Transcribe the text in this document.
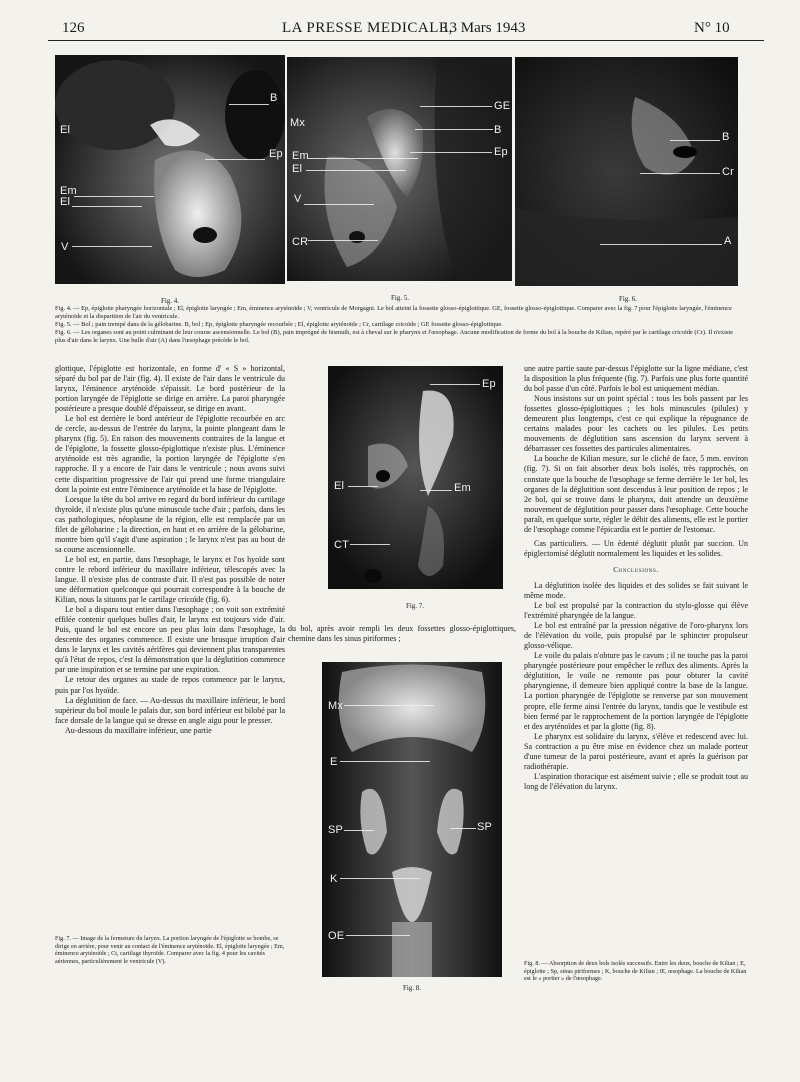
126	LA PRESSE MEDICALE,
13 Mars 1943	N° 10
B
El
Ep
Em
El
V
Fig. 4.
GE
Mx
B
Ep
Em
El
V
CR
Fig. 5.
B
Cr
A
Fig. 6.

Fig. 4. — Ep, épiglotte pharyngée horizontale ; El, épiglotte laryngée ; Em, éminence aryténoïde ; V, ventricule de Morgagni. Le bol atteint la fossette glosso-épiglottique. GE, fossette glosso-épiglottique. Comparer avec la fig. 7 pour l'épiglotte laryngée, l'éminence aryténoïde et la disparition de l'air du ventricule.

Fig. 5. — Bol ; pain trempé dans de la gélobarine. B, bol ; Ep, épiglotte pharyngée recourbée ; El, épiglotte aryténoïde ; Cr, cartilage cricoïde ; GE fossette glosso-épiglottique.

Fig. 6. — Les organes sont au point culminant de leur course ascensionnelle. Le bol (B), pain imprégné de bismuth, est à cheval sur le pharynx et l'œsophage. Aucune modification de forme du bol à la bouche de Kilian, repéré par le cartilage cricoïde (Cr). Il n'existe plus d'air dans le larynx. Une bulle d'air (A) dans l'œsophage précède le bol.

glottique, l'épiglotte est horizontale, en forme d' « S » horizontal, séparé du bol par de l'air (fig. 4). Il existe de l'air dans le ventricule du larynx, l'éminence aryténoïde s'épaissit. Le bord postérieur de la portion laryngée de l'épiglotte se dirige en arrière. La paroi pharyngée postérieure a presque doublé d'épaisseur, se dirige en avant.

Le bol est derrière le bord antérieur de l'épiglotte recourbée en arc de cercle, au-dessus de l'entrée du larynx, la pointe plongeant dans le pharynx (fig. 5). En raison des mouvements contraires de la langue et de l'épiglotte, la fossette glosso-épiglottique n'existe plus. L'éminence aryténoïde est très agrandie, la portion laryngée de l'épiglotte s'en rapproche. Il y a encore de l'air dans le ventricule ; nous avons suivi cette disparition progressive de l'air qui prend une forme triangulaire dont la pointe est entre l'éminence aryténoïde et la base de l'épiglotte.

Lorsque la tête du bol arrive en regard du bord inférieur du cartilage thyroïde, il n'existe plus qu'une minuscule tache d'air ; parfois, dans les cas pathologiques, néoplasme de la région, elle est remplacée par un filet de gélobarine ; la direction, en haut et en arrière de la gélobarine, montre bien qu'il s'agit d'une aspiration ; le larynx n'est pas au bout de sa course ascensionnelle.

Le bol est, en partie, dans l'œsophage, le larynx et l'os hyoïde sont contre le rebord inférieur du maxillaire inférieur, télescopés avec la langue. Il n'existe plus de contraste d'air. Il n'est pas possible de noter une déformation quelconque qui pourrait correspondre à la bouche de Kilian, nous la situons par le cartilage cricoïde (fig. 6).

Le bol a disparu tout entier dans l'œsophage ; on voit son extrémité effilée contenir quelques bulles d'air, le larynx est toujours vide d'air. Puis, quand le bol est encore un peu plus loin dans l'œsophage, la descente des organes commence. Il existe une brusque irruption d'air dans le larynx et les cavités aérifères qui deviennent plus transparentes qu'à l'état de repos, c'est la démonstration que la déglutition commence par une inspiration et se termine par une expiration.

Le retour des organes au stade de repos commence par le larynx, puis par l'os hyoïde.

La déglutition de face. — Au-dessus du maxillaire inférieur, le bord supérieur du bol moule le palais dur, son bord inférieur est bilobé par la face dorsale de la langue qui se dresse en angle aigu pour le presser.

Au-dessous du maxillaire inférieur, une partie

Fig. 7. — Image de la fermeture du larynx. La portion laryngée de l'épiglotte se bombe, se dirige en arrière, pour venir au contact de l'éminence aryténoïde. El, épiglotte laryngée ; Em, éminence aryténoïde ; Ct, cartilage thyroïde. Comparer avec la fig. 4 pour les cavités aériennes, particulièrement le ventricule (V).
Ep
El	Em
CT
Fig. 7.

du bol, après avoir rempli les deux fossettes glosso-épiglottiques, chemine dans les sinus piriformes ;

Mx
E
SP	SP
K
OE
Fig. 8.

une autre partie saute par-dessus l'épiglotte sur la ligne médiane, c'est la disposition la plus fréquente (fig. 7). Parfois une plus forte quantité du bol passe d'un côté. Parfois le bol est uniquement médian.

Nous insistons sur un point spécial : tous les bols passent par les fossettes glosso-épiglottiques ; les bols minuscules (pilules) y demeurent plus longtemps, c'est ce qui explique la répugnance de certains malades pour les cachets ou les pilules. Les petits mouvements de déglutition sans ascension du larynx servent à débarrasser ces fossettes des particules alimentaires.

La bouche de Kilian mesure, sur le cliché de face, 5 mm. environ (fig. 7). Si on fait absorber deux bols isolés, très rapprochés, on constate que la bouche de l'œsophage se ferme derrière le 1er bol, les organes de la déglutition sont descendus à leur position de repos ; le 2e bol, qui se trouve dans le pharynx, doit attendre un deuxième mouvement de déglutition pour passer dans l'œsophage. Cette bouche paraît, en quelque sorte, régler le débit des aliments, elle est le portier de l'œsophage comme l'épicardia est le portier de l'estomac.

Cas particuliers. — Un édenté déglutit plutôt par succion. Un épiglectomisé déglutit normalement les liquides et les solides.

Conclusions.

La déglutition isolée des liquides et des solides se fait suivant le même mode.

Le bol est propulsé par la contraction du stylo-glosse qui élève l'extrémité pharyngée de la langue.

Le bol est entraîné par la pression négative de l'oro-pharynx lors de l'élévation du voile, puis propulsé par le sphincter propulseur glosso-vélique.

Le voile du palais n'obture pas le cavum ; il ne touche pas la paroi pharyngée postérieure pour empêcher le reflux des aliments. Après la déglutition, le voile ne remonte pas pour obturer la cavité pharyngienne, il demeure bien appliqué contre la base de la langue. La portion pharyngée de l'épiglotte se renverse par son mouvement propre, elle ferme ainsi l'entrée du larynx, tandis que le vestibule est bien fermé par le rapprochement de la portion laryngée de l'épiglotte et des aryténoïdes et par la glotte (fig. 8).

Le pharynx est solidaire du larynx, s'élève et redescend avec lui. Sa contraction a pu être mise en évidence chez un malade porteur d'une tumeur de la paroi postérieure, avant et après la guérison par radiothérapie.

L'aspiration thoracique est aisément suivie ; elle se produit tout au long de l'élévation du larynx.

Fig. 8. — Absorption de deux bols isolés successifs. Entre les deux, bouche de Kilian ; E, épiglotte ; Sp, sinus piriformes ; K, bouche de Kilian ; Œ, œsophage. La bouche de Kilian est le « portier » de l'œsophage.
